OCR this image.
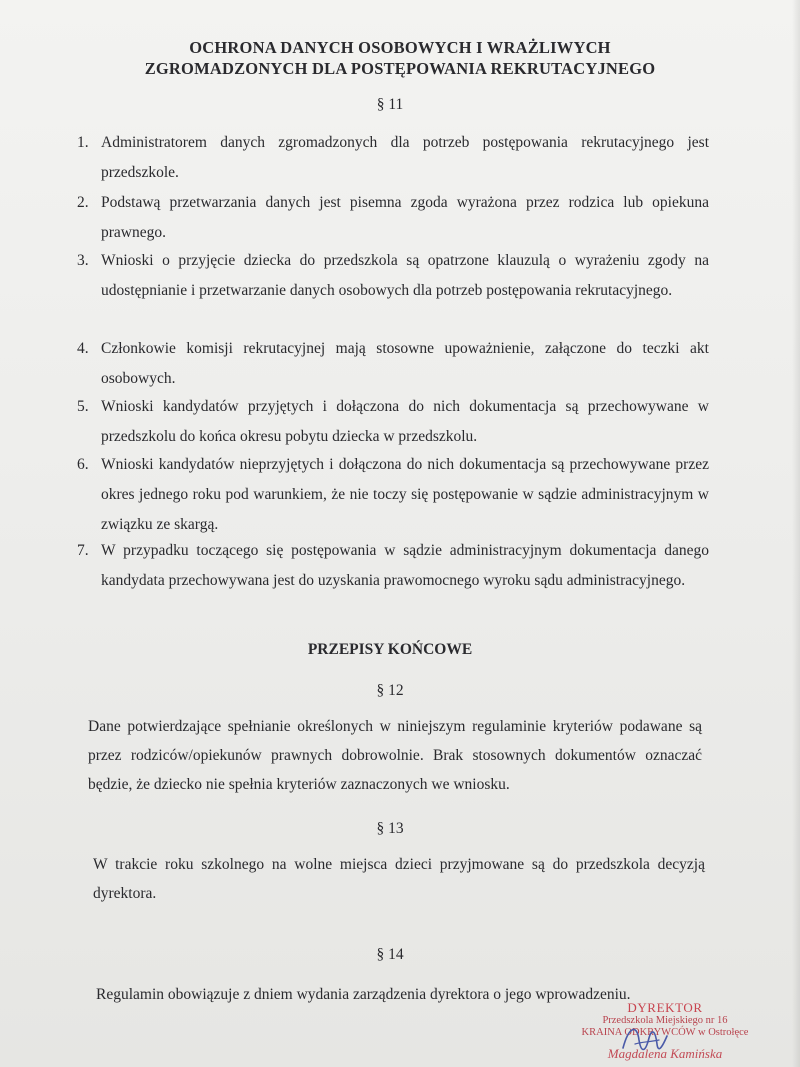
OCHRONA DANYCH OSOBOWYCH I WRAŻLIWYCH
ZGROMADZONYCH DLA POSTĘPOWANIA REKRUTACYJNEGO
§ 11
1. Administratorem danych zgromadzonych dla potrzeb postępowania rekrutacyjnego jest przedszkole.
2. Podstawą przetwarzania danych jest pisemna zgoda wyrażona przez rodzica lub opiekuna prawnego.
3. Wnioski o przyjęcie dziecka do przedszkola są opatrzone klauzulą o wyrażeniu zgody na udostępnianie i przetwarzanie danych osobowych dla potrzeb postępowania rekrutacyjnego.
4. Członkowie komisji rekrutacyjnej mają stosowne upoważnienie, załączone do teczki akt osobowych.
5. Wnioski kandydatów przyjętych i dołączona do nich dokumentacja są przechowywane w przedszkolu do końca okresu pobytu dziecka w przedszkolu.
6. Wnioski kandydatów nieprzyjętych i dołączona do nich dokumentacja są przechowywane przez okres jednego roku pod warunkiem, że nie toczy się postępowanie w sądzie administracyjnym w związku ze skargą.
7. W przypadku toczącego się postępowania w sądzie administracyjnym dokumentacja danego kandydata przechowywana jest do uzyskania prawomocnego wyroku sądu administracyjnego.
PRZEPISY KOŃCOWE
§ 12
Dane potwierdzające spełnianie określonych w niniejszym regulaminie kryteriów podawane są przez rodziców/opiekunów prawnych dobrowolnie. Brak stosownych dokumentów oznaczać będzie, że dziecko nie spełnia kryteriów zaznaczonych we wniosku.
§ 13
W trakcie roku szkolnego na wolne miejsca dzieci przyjmowane są do przedszkola decyzją dyrektora.
§ 14
Regulamin obowiązuje z dniem wydania zarządzenia dyrektora o jego wprowadzeniu.
DYREKTOR
Przedszkola Miejskiego nr 16
KRAINA ODKRYWCÓW w Ostrołęce
Magdalena Kamińska
